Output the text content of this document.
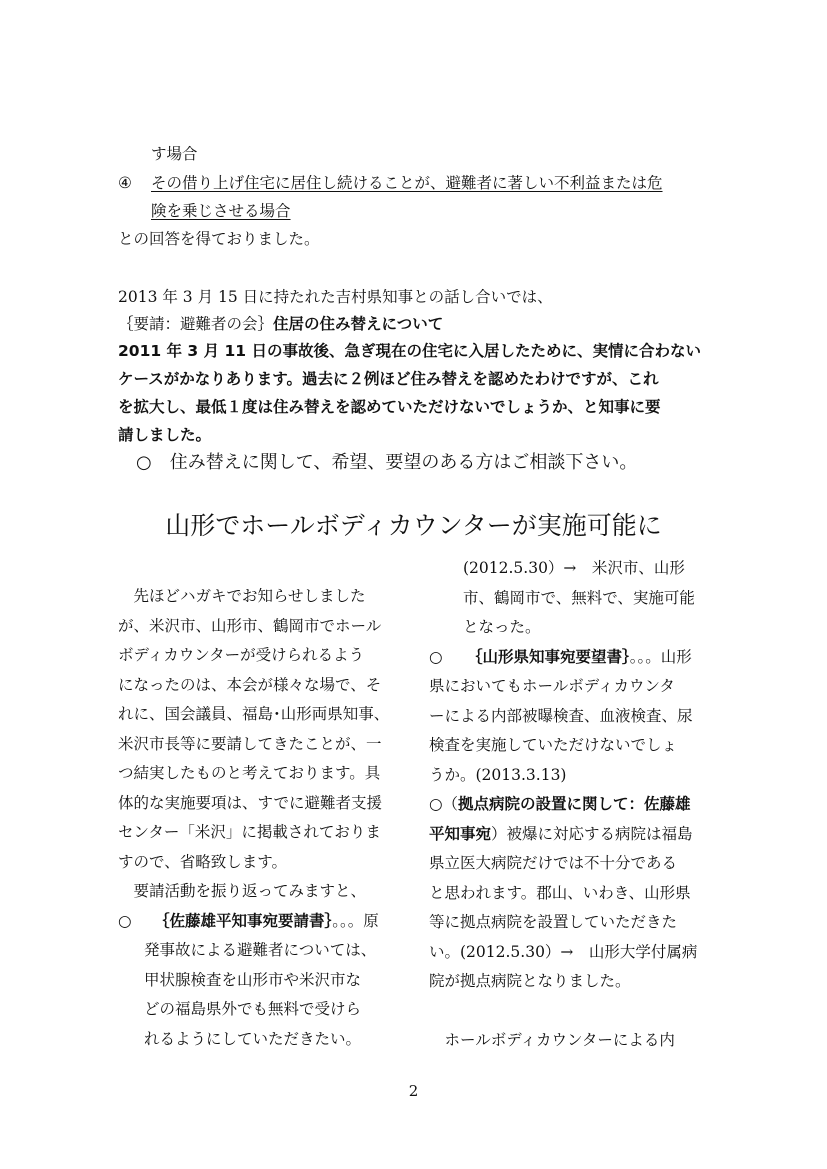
す場合
④ その借り上げ住宅に居住し続けることが、避難者に著しい不利益または危
険を乗じさせる場合
との回答を得ておりました。
2013 年 3 月 15 日に持たれた吉村県知事との話し合いでは、
｛要請：避難者の会｝住居の住み替えについて
2011 年 3 月 11 日の事故後、急ぎ現在の住宅に入居したために、実情に合わない
ケースがかなりあります。過去に２例ほど住み替えを認めたわけですが、これ
を拡大し、最低１度は住み替えを認めていただけないでしょうか、と知事に要
請しました。
○　住み替えに関して、希望、要望のある方はご相談下さい。
山形でホールボディカウンターが実施可能に
　先ほどハガキでお知らせしました
が、米沢市、山形市、鶴岡市でホール
ボディカウンターが受けられるよう
になったのは、本会が様々な場で、そ
れに、国会議員、福島･山形両県知事、
米沢市長等に要請してきたことが、一
つ結実したものと考えております。具
体的な実施要項は、すでに避難者支援
センター「米沢」に掲載されておりま
すので、省略致します。
　要請活動を振り返ってみますと、
○ ｛佐藤雄平知事宛要請書｝。。。原
発事故による避難者については、
甲状腺検査を山形市や米沢市な
どの福島県外でも無料で受けら
れるようにしていただきたい。
(2012.5.30）→　米沢市、山形
市、鶴岡市で、無料で、実施可能
となった。
○ ｛山形県知事宛要望書｝。。。山形
県においてもホールボディカウンタ
ーによる内部被曝検査、血液検査、尿
検査を実施していただけないでしょ
うか。(2013.3.13)
○（拠点病院の設置に関して：佐藤雄
平知事宛）被爆に対応する病院は福島
県立医大病院だけでは不十分である
と思われます。郡山、いわき、山形県
等に拠点病院を設置していただきた
い。(2012.5.30）→　山形大学付属病
院が拠点病院となりました。
　ホールボディカウンターによる内
2
